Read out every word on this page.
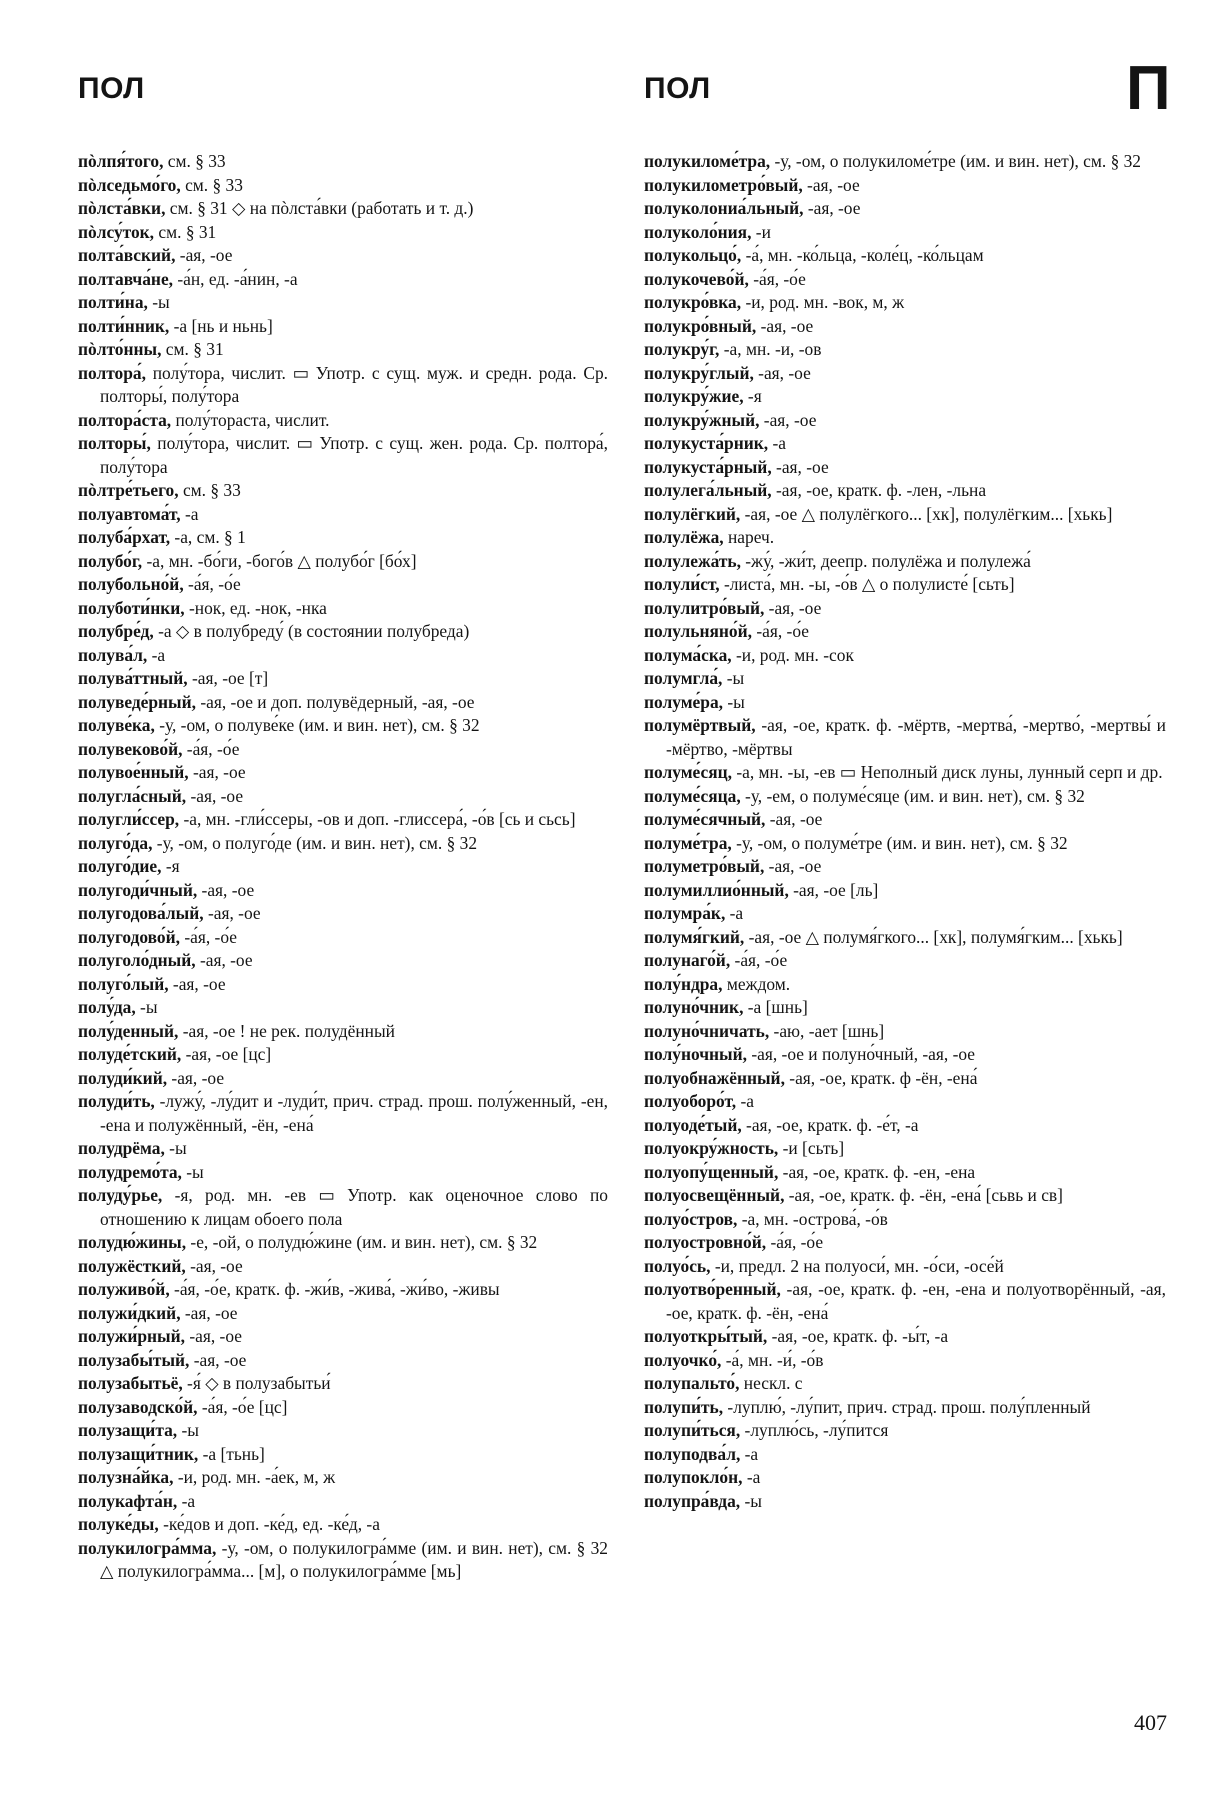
ПОЛ	ПОЛ	П

пòлпя́того, см. § 33

пòлседьмо́го, см. § 33

пòлста́вки, см. § 31 ◇ на пòлста́вки (работать и т. д.)

пòлсу́ток, см. § 31

полта́вский, -ая, -ое

полтавча́не, -а́н, ед. -а́нин, -а

полти́на, -ы

полти́нник, -а [нь и ньнь]

пòлто́нны, см. § 31

полтора́, полу́тора, числит. ▭ Употр. с сущ. муж. и средн. рода. Ср. полторы́, полу́тора

полтора́ста, полу́тораста, числит.

полторы́, полу́тора, числит. ▭ Употр. с сущ. жен. рода. Ср. полтора́, полу́тора

пòлтре́тьего, см. § 33

полуавтома́т, -а

полуба́рхат, -а, см. § 1

полубо́г, -а, мн. -бо́ги, -бого́в △ полубо́г [бо́х]

полубольно́й, -а́я, -о́е

полуботи́нки, -нок, ед. -нок, -нка

полубре́д, -а ◇ в полубреду́ (в состоянии полубреда)

полува́л, -а

полува́ттный, -ая, -ое [т]

полуведе́рный, -ая, -ое и доп. полувёдерный, -ая, -ое

полуве́ка, -у, -ом, о полуве́ке (им. и вин. нет), см. § 32

полувеково́й, -а́я, -о́е

полувое́нный, -ая, -ое

полугла́сный, -ая, -ое

полугли́ссер, -а, мн. -гли́ссеры, -ов и доп. -глиссера́, -о́в [сь и сьсь]

полуго́да, -у, -ом, о полуго́де (им. и вин. нет), см. § 32

полуго́дие, -я

полугоди́чный, -ая, -ое

полугодова́лый, -ая, -ое

полугодово́й, -а́я, -о́е

полуголо́дный, -ая, -ое

полуго́лый, -ая, -ое

полу́да, -ы

полу́денный, -ая, -ое ! не рек. полудённый

полуде́тский, -ая, -ое [цс]

полуди́кий, -ая, -ое

полуди́ть, -лужу́, -лу́дит и -луди́т, прич. страд. прош. полу́женный, -ен, -ена и полужённый, -ён, -ена́

полудрёма, -ы

полудремо́та, -ы

полуду́рье, -я, род. мн. -ев ▭ Употр. как оценочное слово по отношению к лицам обоего пола

полудю́жины, -е, -ой, о полудю́жине (им. и вин. нет), см. § 32

полужёсткий, -ая, -ое

полуживо́й, -а́я, -о́е, кратк. ф. -жи́в, -жива́, -жи́во, -живы

полужи́дкий, -ая, -ое

полужи́рный, -ая, -ое

полузабы́тый, -ая, -ое

полузабытьё, -я́ ◇ в полузабытьи́

полузаводско́й, -а́я, -о́е [цс]

полузащи́та, -ы

полузащи́тник, -а [тьнь]

полузна́йка, -и, род. мн. -а́ек, м, ж

полукафта́н, -а

полуке́ды, -ке́дов и доп. -ке́д, ед. -ке́д, -а

полукилогра́мма, -у, -ом, о полукилогра́мме (им. и вин. нет), см. § 32 △ полукилогра́мма... [м], о полукилогра́мме [мь]

полукиломе́тра, -у, -ом, о полукиломе́тре (им. и вин. нет), см. § 32

полукилометро́вый, -ая, -ое

полуколониа́льный, -ая, -ое

полуколо́ния, -и

полукольцо́, -а́, мн. -ко́льца, -коле́ц, -ко́льцам

полукочево́й, -а́я, -о́е

полукро́вка, -и, род. мн. -вок, м, ж

полукро́вный, -ая, -ое

полукру́г, -а, мн. -и, -ов

полукру́глый, -ая, -ое

полукру́жие, -я

полукру́жный, -ая, -ое

полукуста́рник, -а

полукуста́рный, -ая, -ое

полулега́льный, -ая, -ое, кратк. ф. -лен, -льна

полулёгкий, -ая, -ое △ полулёгкого... [хк], полулёгким... [хькь]

полулёжа, нареч.

полулежа́ть, -жу́, -жи́т, деепр. полулёжа и полулежа́

полули́ст, -листа́, мн. -ы, -о́в △ о полулисте́ [сьть]

полулитро́вый, -ая, -ое

полульняно́й, -а́я, -о́е

полума́ска, -и, род. мн. -сок

полумгла́, -ы

полуме́ра, -ы

полумёртвый, -ая, -ое, кратк. ф. -мёртв, -мертва́, -мертво́, -мертвы́ и -мёртво, -мёртвы

полуме́сяц, -а, мн. -ы, -ев ▭ Неполный диск луны, лунный серп и др.

полуме́сяца, -у, -ем, о полуме́сяце (им. и вин. нет), см. § 32

полуме́сячный, -ая, -ое

полуме́тра, -у, -ом, о полуме́тре (им. и вин. нет), см. § 32

полуметро́вый, -ая, -ое

полумиллио́нный, -ая, -ое [ль]

полумра́к, -а

полумя́гкий, -ая, -ое △ полумя́гкого... [хк], полумя́гким... [хькь]

полунаго́й, -а́я, -о́е

полу́ндра, междом.

полуно́чник, -а [шнь]

полуно́чничать, -аю, -ает [шнь]

полу́ночный, -ая, -ое и полуно́чный, -ая, -ое

полуобнажённый, -ая, -ое, кратк. ф -ён, -ена́

полуоборо́т, -а

полуоде́тый, -ая, -ое, кратк. ф. -е́т, -а

полуокру́жность, -и [сьть]

полуопу́щенный, -ая, -ое, кратк. ф. -ен, -ена

полуосвещённый, -ая, -ое, кратк. ф. -ён, -ена́ [сьвь и св]

полуо́стров, -а, мн. -острова́, -о́в

полуостровно́й, -а́я, -о́е

полуо́сь, -и, предл. 2 на полуоси́, мн. -о́си, -осе́й

полуотво́ренный, -ая, -ое, кратк. ф. -ен, -ена и полуотворённый, -ая, -ое, кратк. ф. -ён, -ена́

полуоткры́тый, -ая, -ое, кратк. ф. -ы́т, -а

полуочко́, -а́, мн. -и́, -о́в

полупальто́, нескл. с

полупи́ть, -луплю́, -лу́пит, прич. страд. прош. полу́пленный

полупи́ться, -луплю́сь, -лу́пится

полуподва́л, -а

полупокло́н, -а

полупра́вда, -ы

407
